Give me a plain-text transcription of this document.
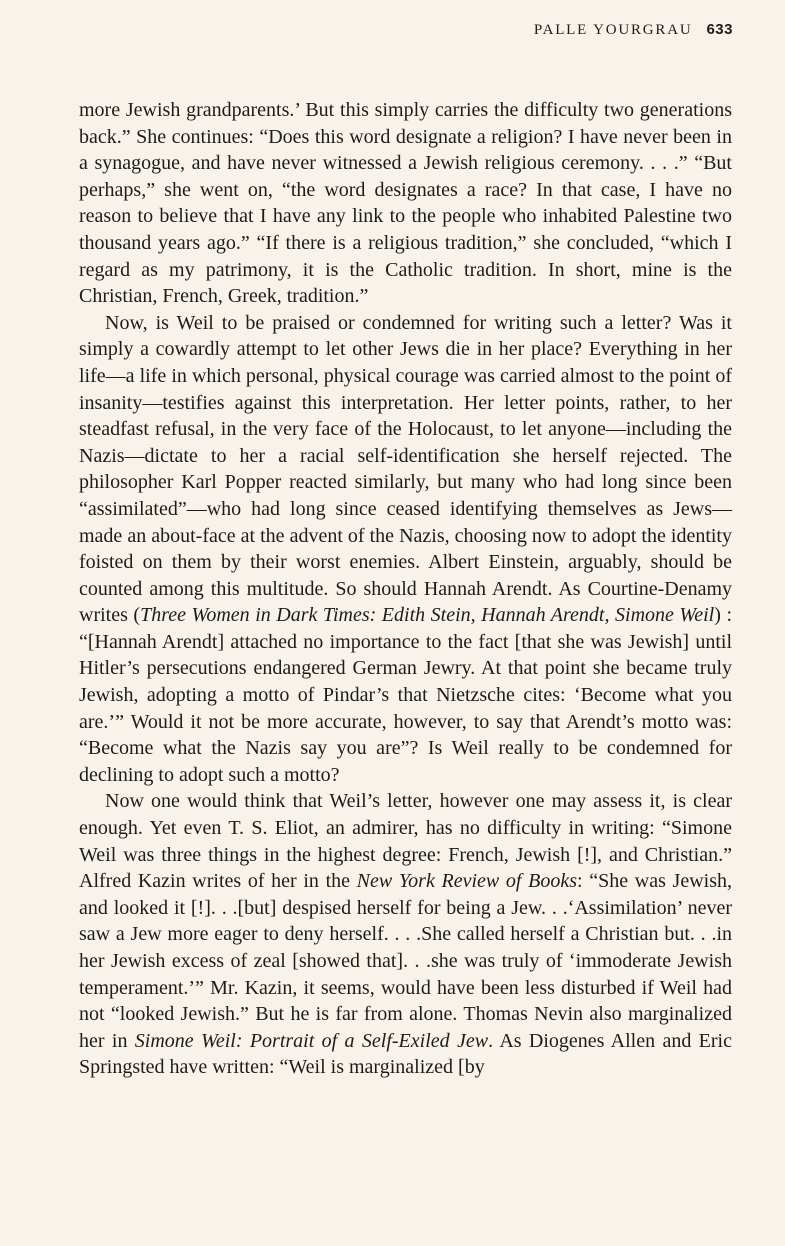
PALLE YOURGRAU 633

more Jewish grandparents.’ But this simply carries the difficulty two generations back.” She continues: “Does this word designate a religion? I have never been in a synagogue, and have never witnessed a Jewish religious ceremony. . . .” “But perhaps,” she went on, “the word designates a race? In that case, I have no reason to believe that I have any link to the people who inhabited Palestine two thousand years ago.” “If there is a religious tradition,” she concluded, “which I regard as my patrimony, it is the Catholic tradition. In short, mine is the Christian, French, Greek, tradition.”

Now, is Weil to be praised or condemned for writing such a letter? Was it simply a cowardly attempt to let other Jews die in her place? Everything in her life—a life in which personal, physical courage was carried almost to the point of insanity—testifies against this interpretation. Her letter points, rather, to her steadfast refusal, in the very face of the Holocaust, to let anyone—including the Nazis—dictate to her a racial self-identification she herself rejected. The philosopher Karl Popper reacted similarly, but many who had long since been “assimilated”—who had long since ceased identifying themselves as Jews—made an about-face at the advent of the Nazis, choosing now to adopt the identity foisted on them by their worst enemies. Albert Einstein, arguably, should be counted among this multitude. So should Hannah Arendt. As Courtine-Denamy writes (Three Women in Dark Times: Edith Stein, Hannah Arendt, Simone Weil) : “[Hannah Arendt] attached no importance to the fact [that she was Jewish] until Hitler’s persecutions endangered German Jewry. At that point she became truly Jewish, adopting a motto of Pindar’s that Nietzsche cites: ‘Become what you are.’” Would it not be more accurate, however, to say that Arendt’s motto was: “Become what the Nazis say you are”? Is Weil really to be condemned for declining to adopt such a motto?

Now one would think that Weil’s letter, however one may assess it, is clear enough. Yet even T. S. Eliot, an admirer, has no difficulty in writing: “Simone Weil was three things in the highest degree: French, Jewish [!], and Christian.” Alfred Kazin writes of her in the New York Review of Books: “She was Jewish, and looked it [!]. . .[but] despised herself for being a Jew. . .‘Assimilation’ never saw a Jew more eager to deny herself. . . .She called herself a Christian but. . .in her Jewish excess of zeal [showed that]. . .she was truly of ‘immoderate Jewish temperament.’” Mr. Kazin, it seems, would have been less disturbed if Weil had not “looked Jewish.” But he is far from alone. Thomas Nevin also marginalized her in Simone Weil: Portrait of a Self-Exiled Jew. As Diogenes Allen and Eric Springsted have written: “Weil is marginalized [by
